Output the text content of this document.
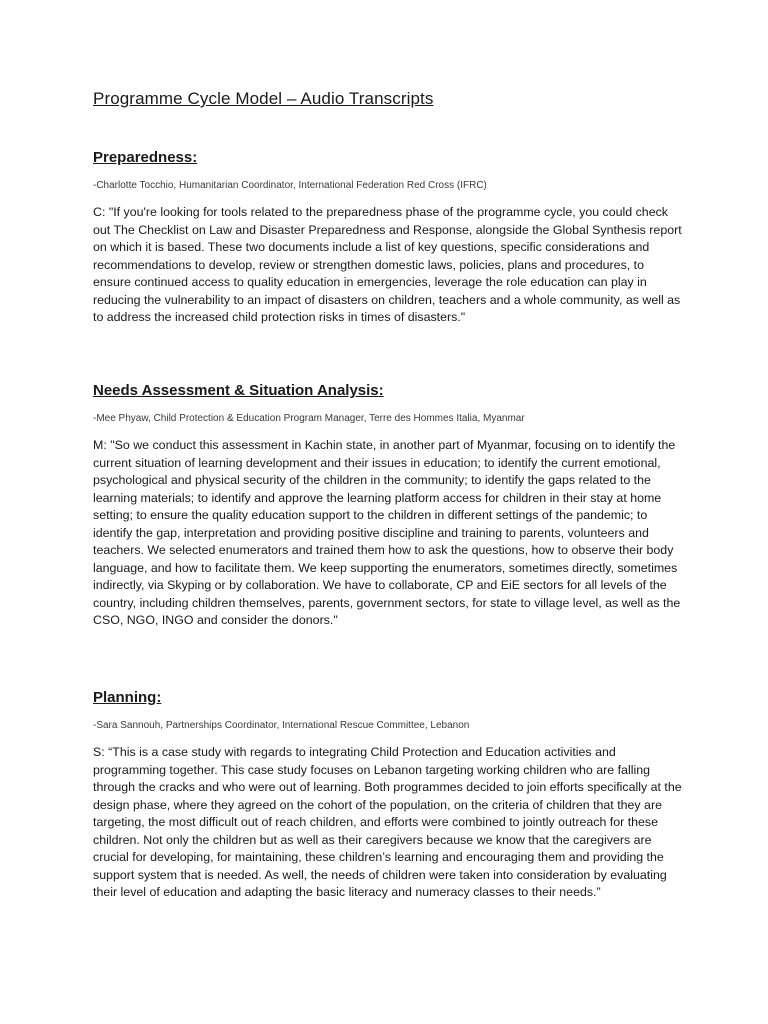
Programme Cycle Model – Audio Transcripts
Preparedness:

-Charlotte Tocchio, Humanitarian Coordinator, International Federation Red Cross (IFRC)

C: "If you're looking for tools related to the preparedness phase of the programme cycle, you could check out The Checklist on Law and Disaster Preparedness and Response, alongside the Global Synthesis report on which it is based. These two documents include a list of key questions, specific considerations and recommendations to develop, review or strengthen domestic laws, policies, plans and procedures, to ensure continued access to quality education in emergencies, leverage the role education can play in reducing the vulnerability to an impact of disasters on children, teachers and a whole community, as well as to address the increased child protection risks in times of disasters."

Needs Assessment & Situation Analysis:

-Mee Phyaw, Child Protection & Education Program Manager, Terre des Hommes Italia, Myanmar

M: "So we conduct this assessment in Kachin state, in another part of Myanmar, focusing on to identify the current situation of learning development and their issues in education; to identify the current emotional, psychological and physical security of the children in the community; to identify the gaps related to the learning materials; to identify and approve the learning platform access for children in their stay at home setting; to ensure the quality education support to the children in different settings of the pandemic; to identify the gap, interpretation and providing positive discipline and training to parents, volunteers and teachers. We selected enumerators and trained them how to ask the questions, how to observe their body language, and how to facilitate them. We keep supporting the enumerators, sometimes directly, sometimes indirectly, via Skyping or by collaboration. We have to collaborate, CP and EiE sectors for all levels of the country, including children themselves, parents, government sectors, for state to village level, as well as the CSO, NGO, INGO and consider the donors."

Planning:

-Sara Sannouh, Partnerships Coordinator, International Rescue Committee, Lebanon

S: “This is a case study with regards to integrating Child Protection and Education activities and programming together. This case study focuses on Lebanon targeting working children who are falling through the cracks and who were out of learning. Both programmes decided to join efforts specifically at the design phase, where they agreed on the cohort of the population, on the criteria of children that they are targeting, the most difficult out of reach children, and efforts were combined to jointly outreach for these children. Not only the children but as well as their caregivers because we know that the caregivers are crucial for developing, for maintaining, these children’s learning and encouraging them and providing the support system that is needed. As well, the needs of children were taken into consideration by evaluating their level of education and adapting the basic literacy and numeracy classes to their needs.”
